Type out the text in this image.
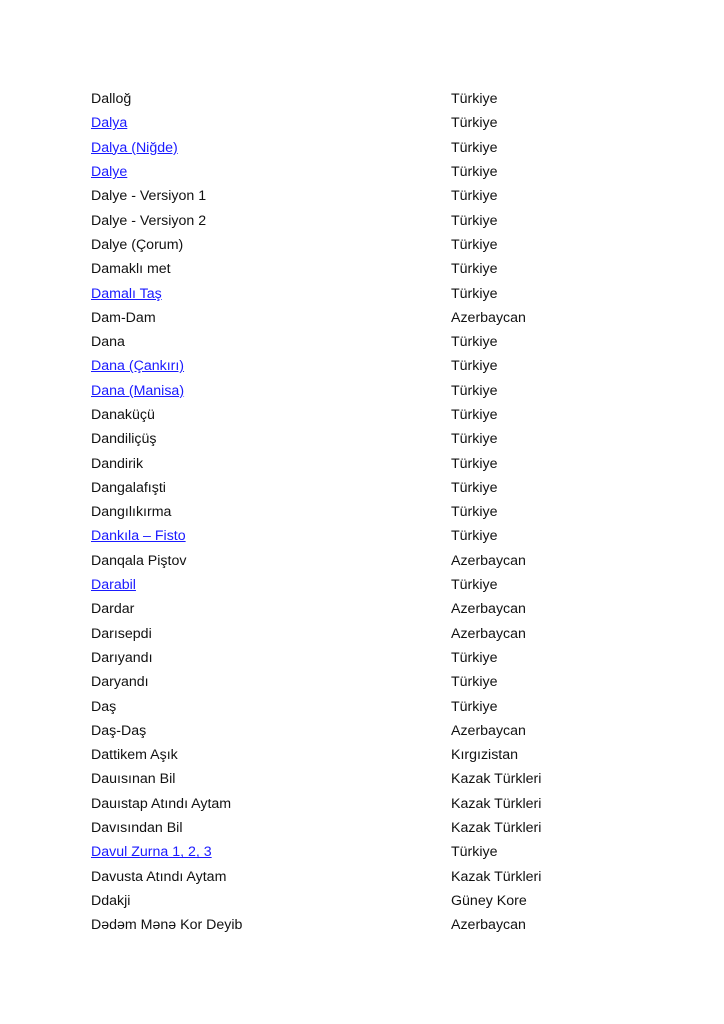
Dalloğ	Türkiye
Dalya	Türkiye
Dalya (Niğde)	Türkiye
Dalye	Türkiye
Dalye - Versiyon 1	Türkiye
Dalye - Versiyon 2	Türkiye
Dalye (Çorum)	Türkiye
Damaklı met	Türkiye
Damalı Taş	Türkiye
Dam-Dam	Azerbaycan
Dana	Türkiye
Dana (Çankırı)	Türkiye
Dana (Manisa)	Türkiye
Danaküçü	Türkiye
Dandiliçüş	Türkiye
Dandirik	Türkiye
Dangalafışti	Türkiye
Dangılıkırma	Türkiye
Dankıla – Fisto	Türkiye
Danqala Piştov	Azerbaycan
Darabil	Türkiye
Dardar	Azerbaycan
Darısepdi	Azerbaycan
Darıyandı	Türkiye
Daryandı	Türkiye
Daş	Türkiye
Daş-Daş	Azerbaycan
Dattikem Aşık	Kırgızistan
Dauısınan Bil	Kazak Türkleri
Dauıstap Atındı Aytam	Kazak Türkleri
Davısından Bil	Kazak Türkleri
Davul Zurna 1, 2, 3	Türkiye
Davusta Atındı Aytam	Kazak Türkleri
Ddakji	Güney Kore
Dədəm Mənə Kor Deyib	Azerbaycan
